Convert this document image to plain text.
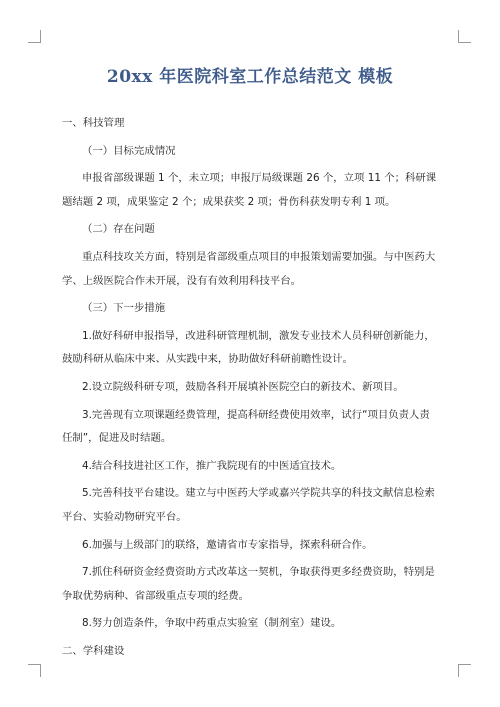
20xx 年医院科室工作总结范文 模板

一、科技管理

（一）目标完成情况

申报省部级课题 1 个，未立项；申报厅局级课题 26 个，立项 11 个；科研课题结题 2 项，成果鉴定 2 个；成果获奖 2 项；骨伤科获发明专利 1 项。

（二）存在问题

重点科技攻关方面，特别是省部级重点项目的申报策划需要加强。与中医药大学、上级医院合作未开展，没有有效利用科技平台。

（三）下一步措施

1.做好科研申报指导，改进科研管理机制，激发专业技术人员科研创新能力，鼓励科研从临床中来、从实践中来，协助做好科研前瞻性设计。

2.设立院级科研专项，鼓励各科开展填补医院空白的新技术、新项目。

3.完善现有立项课题经费管理，提高科研经费使用效率，试行“项目负责人责任制”，促进及时结题。

4.结合科技进社区工作，推广我院现有的中医适宜技术。

5.完善科技平台建设。建立与中医药大学或嘉兴学院共享的科技文献信息检索平台、实验动物研究平台。

6.加强与上级部门的联络，邀请省市专家指导，探索科研合作。

7.抓住科研资金经费资助方式改革这一契机，争取获得更多经费资助，特别是争取优势病种、省部级重点专项的经费。

8.努力创造条件，争取中药重点实验室（制剂室）建设。

二、学科建设
